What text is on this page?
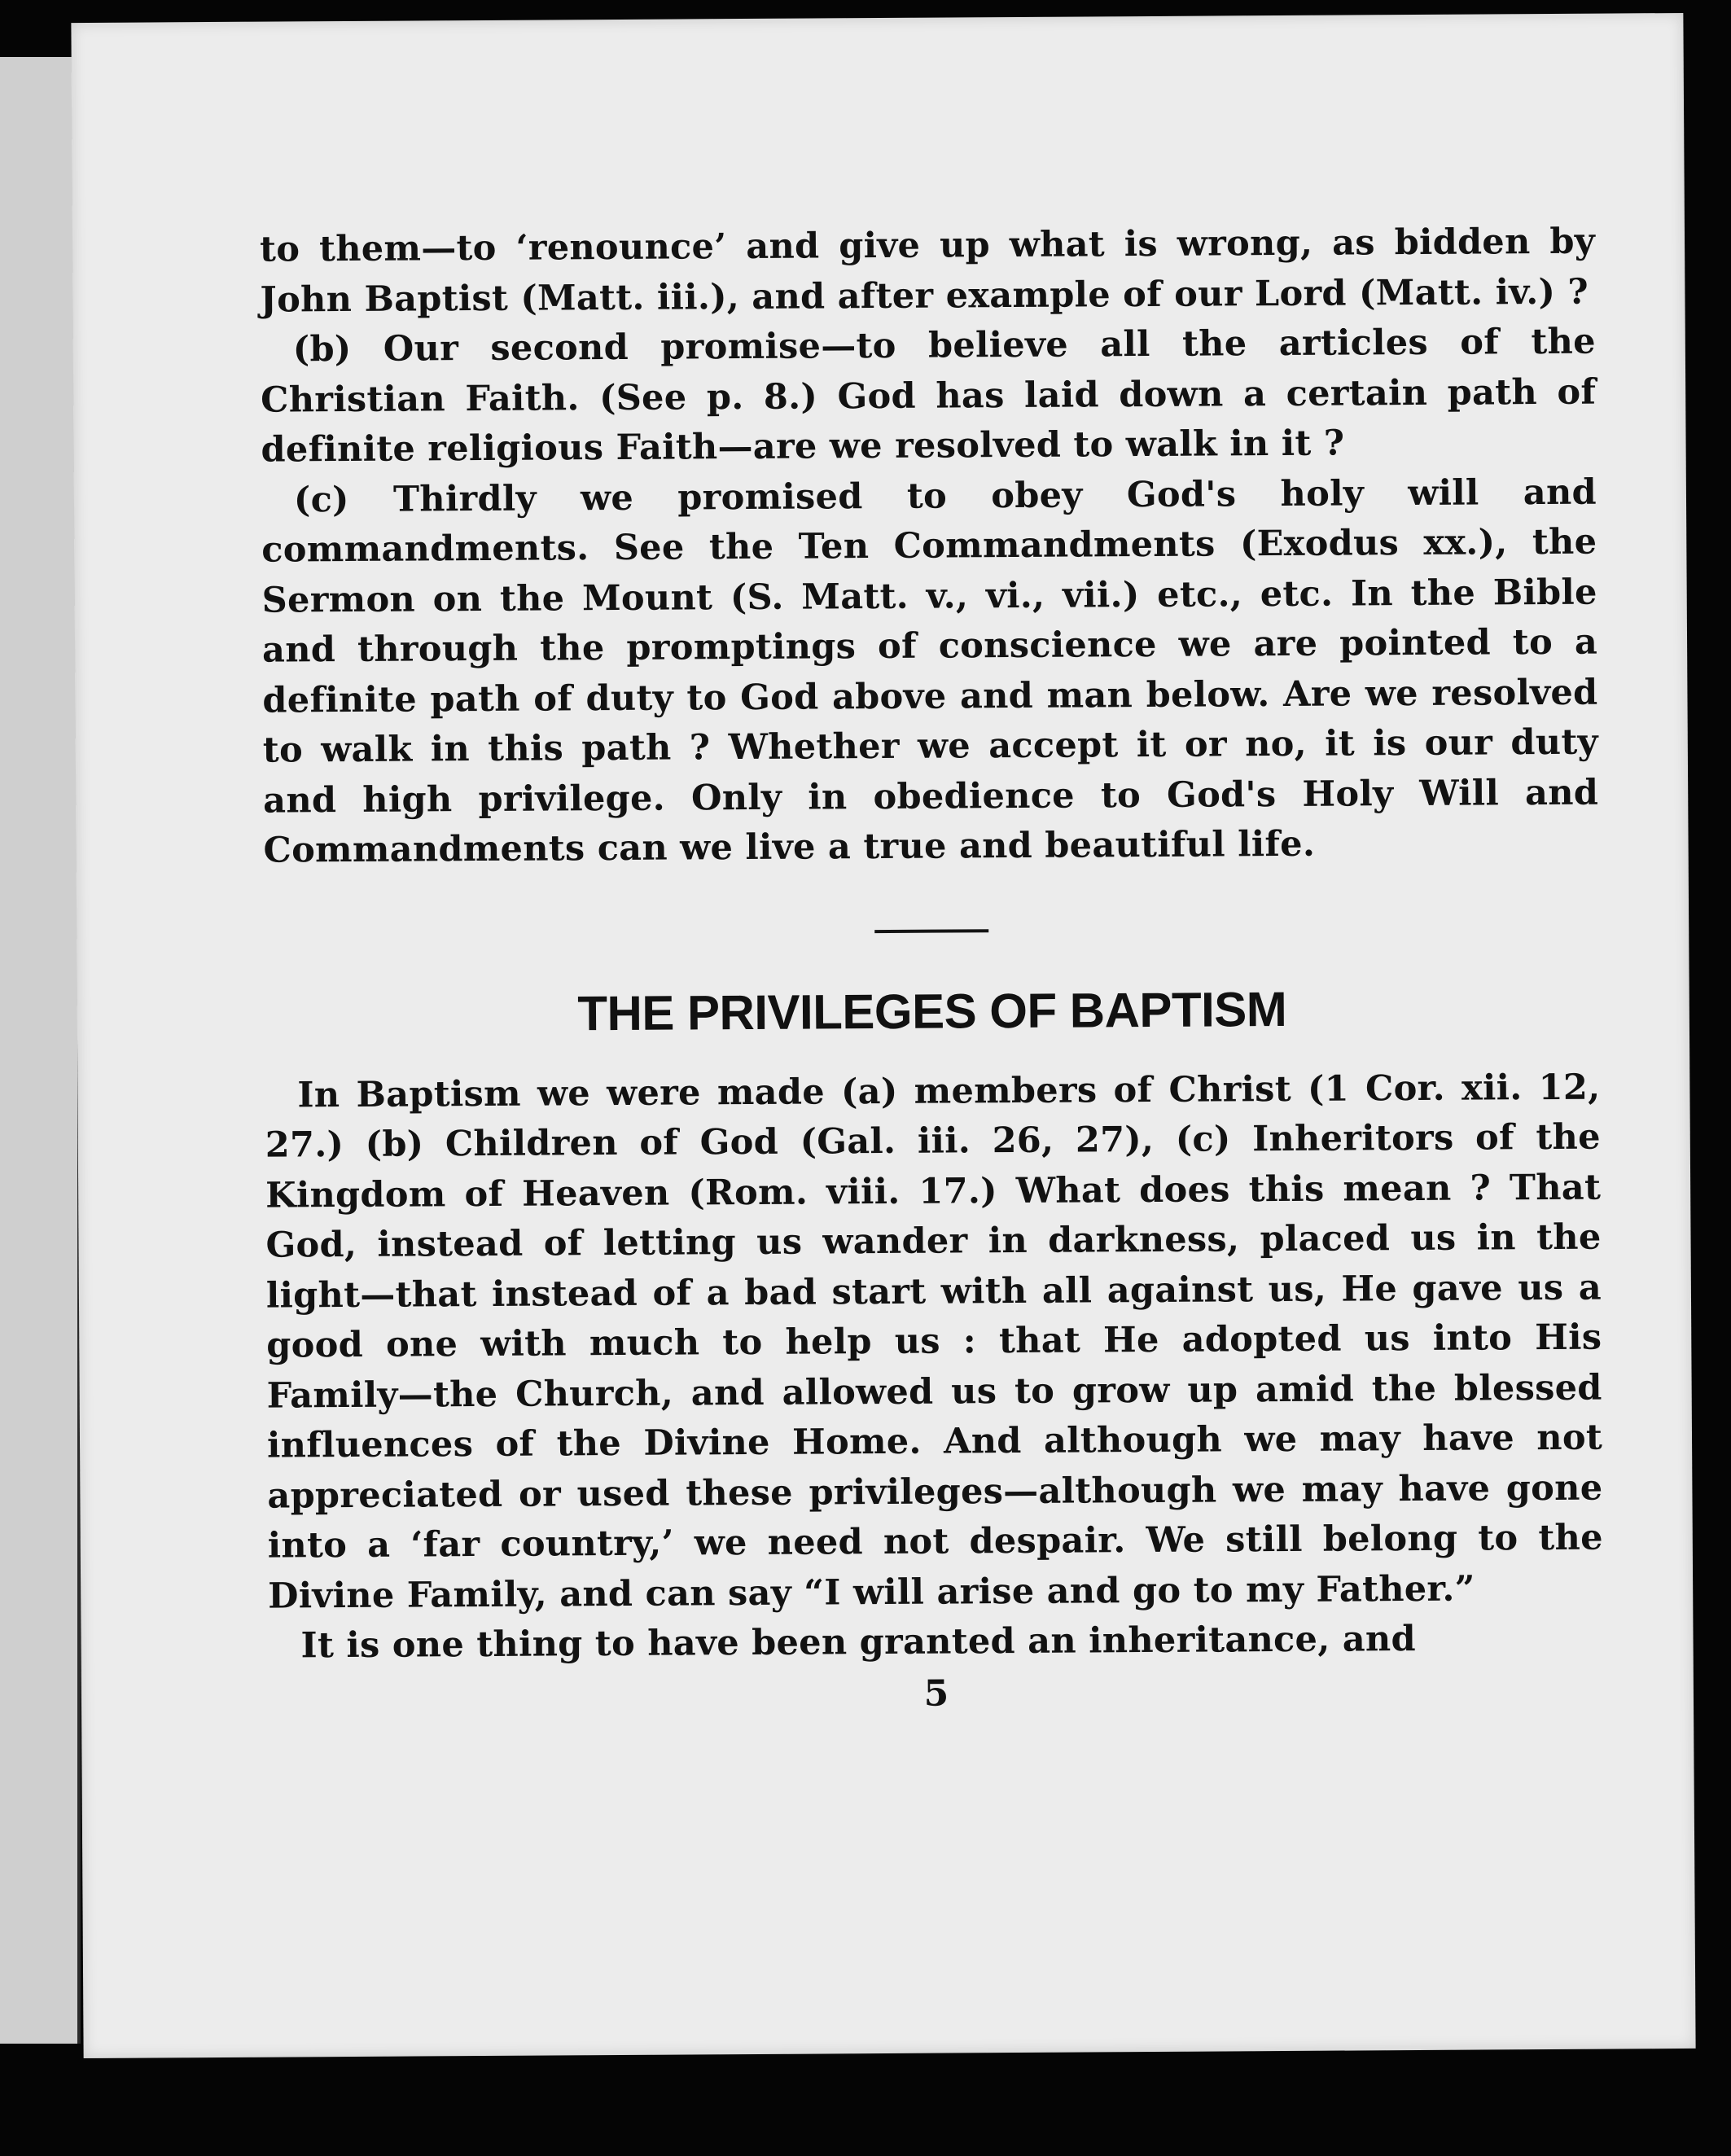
to them—to ‘renounce’ and give up what is wrong, as bidden by John Baptist (Matt. iii.), and after example of our Lord (Matt. iv.) ?

(b) Our second promise—to believe all the articles of the Christian Faith. (See p. 8.) God has laid down a certain path of definite religious Faith—are we resolved to walk in it ?

(c) Thirdly we promised to obey God's holy will and commandments. See the Ten Commandments (Exodus xx.), the Sermon on the Mount (S. Matt. v., vi., vii.) etc., etc. In the Bible and through the promptings of conscience we are pointed to a definite path of duty to God above and man below. Are we resolved to walk in this path ? Whether we accept it or no, it is our duty and high privilege. Only in obedience to God's Holy Will and Commandments can we live a true and beautiful life.

THE PRIVILEGES OF BAPTISM

In Baptism we were made (a) members of Christ (1 Cor. xii. 12, 27.) (b) Children of God (Gal. iii. 26, 27), (c) Inheritors of the Kingdom of Heaven (Rom. viii. 17.) What does this mean ? That God, instead of letting us wander in darkness, placed us in the light—that instead of a bad start with all against us, He gave us a good one with much to help us : that He adopted us into His Family—the Church, and allowed us to grow up amid the blessed influences of the Divine Home. And although we may have not appreciated or used these privileges—although we may have gone into a ‘far country,’ we need not despair. We still belong to the Divine Family, and can say “I will arise and go to my Father.”

It is one thing to have been granted an inheritance, and

5
